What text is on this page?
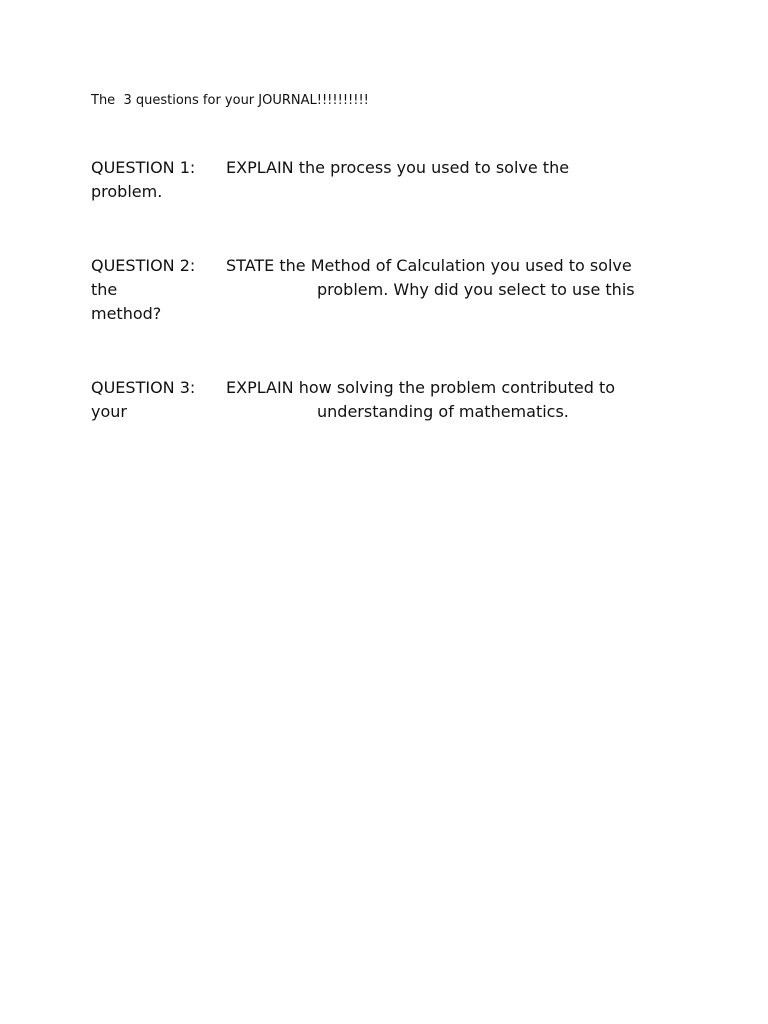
The  3 questions for your JOURNAL!!!!!!!!!!
QUESTION 1: EXPLAIN the process you used to solve the
problem.
QUESTION 2: STATE the Method of Calculation you used to solve
the	problem. Why did you select to use this
method?
QUESTION 3: EXPLAIN how solving the problem contributed to
your	understanding of mathematics.
